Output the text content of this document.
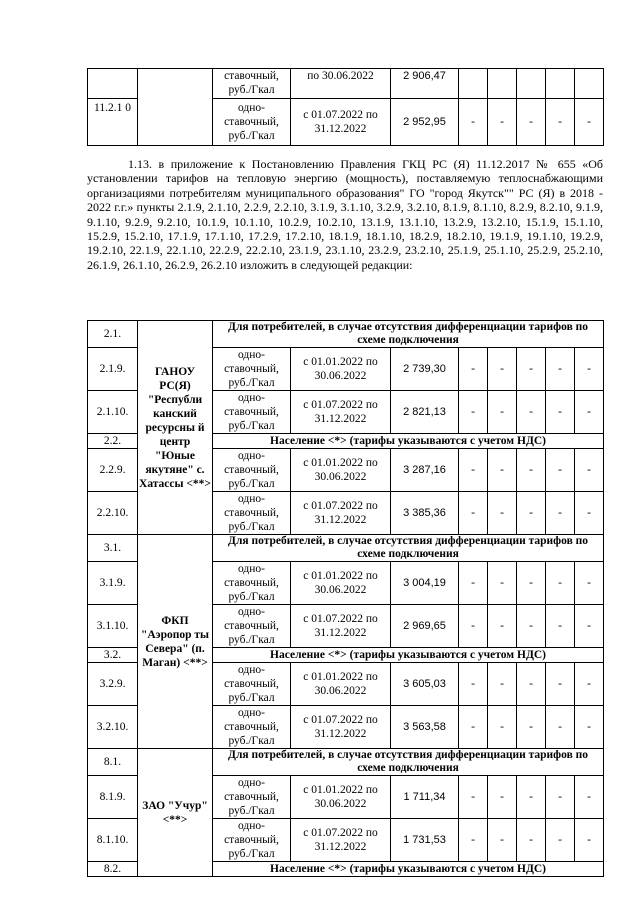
		ставочный, руб./Гкал	по 30.06.2022	2 906,47					
11.2.1 0		одно- ставочный, руб./Гкал	с 01.07.2022 по 31.12.2022	2 952,95	-	-	-	-	-
1.13. в приложение к Постановлению Правления ГКЦ РС (Я) 11.12.2017 № 655 «Об установлении тарифов на тепловую энергию (мощность), поставляемую теплоснабжающими организациями потребителям муниципального образования" ГО "город Якутск"" РС (Я) в 2018 - 2022 г.г.» пункты 2.1.9, 2.1.10, 2.2.9, 2.2.10, 3.1.9, 3.1.10, 3.2.9, 3.2.10, 8.1.9, 8.1.10, 8.2.9, 8.2.10, 9.1.9, 9.1.10, 9.2.9, 9.2.10, 10.1.9, 10.1.10, 10.2.9, 10.2.10, 13.1.9, 13.1.10, 13.2.9, 13.2.10, 15.1.9, 15.1.10, 15.2.9, 15.2.10, 17.1.9, 17.1.10, 17.2.9, 17.2.10, 18.1.9, 18.1.10, 18.2.9, 18.2.10, 19.1.9, 19.1.10, 19.2.9, 19.2.10, 22.1.9, 22.1.10, 22.2.9, 22.2.10, 23.1.9, 23.1.10, 23.2.9, 23.2.10, 25.1.9, 25.1.10, 25.2.9, 25.2.10, 26.1.9, 26.1.10, 26.2.9, 26.2.10 изложить в следующей редакции:
2.1.	ГАНОУ РС(Я) "Республи канский ресурсны й центр "Юные якутяне" с. Хатассы <**>	Для потребителей, в случае отсутствия дифференциации тарифов по схеме подключения							
2.1.9.		одно- ставочный, руб./Гкал	с 01.01.2022 по 30.06.2022	2 739,30	-	-	-	-	-
2.1.10.		одно- ставочный, руб./Гкал	с 01.07.2022 по 31.12.2022	2 821,13	-	-	-	-	-
2.2.		Население <*> (тарифы указываются с учетом НДС)							
2.2.9.		одно- ставочный, руб./Гкал	с 01.01.2022 по 30.06.2022	3 287,16	-	-	-	-	-
2.2.10.		одно- ставочный, руб./Гкал	с 01.07.2022 по 31.12.2022	3 385,36	-	-	-	-	-
3.1.	ФКП "Аэропор ты Севера" (п. Маган) <**>	Для потребителей, в случае отсутствия дифференциации тарифов по схеме подключения							
3.1.9.		одно- ставочный, руб./Гкал	с 01.01.2022 по 30.06.2022	3 004,19	-	-	-	-	-
3.1.10.		одно- ставочный, руб./Гкал	с 01.07.2022 по 31.12.2022	2 969,65	-	-	-	-	-
3.2.		Население <*> (тарифы указываются с учетом НДС)							
3.2.9.		одно- ставочный, руб./Гкал	с 01.01.2022 по 30.06.2022	3 605,03	-	-	-	-	-
3.2.10.		одно- ставочный, руб./Гкал	с 01.07.2022 по 31.12.2022	3 563,58	-	-	-	-	-
8.1.	ЗАО "Учур" <**>	Для потребителей, в случае отсутствия дифференциации тарифов по схеме подключения							
8.1.9.		одно- ставочный, руб./Гкал	с 01.01.2022 по 30.06.2022	1 711,34	-	-	-	-	-
8.1.10.		одно- ставочный, руб./Гкал	с 01.07.2022 по 31.12.2022	1 731,53	-	-	-	-	-
8.2.		Население <*> (тарифы указываются с учетом НДС)							
